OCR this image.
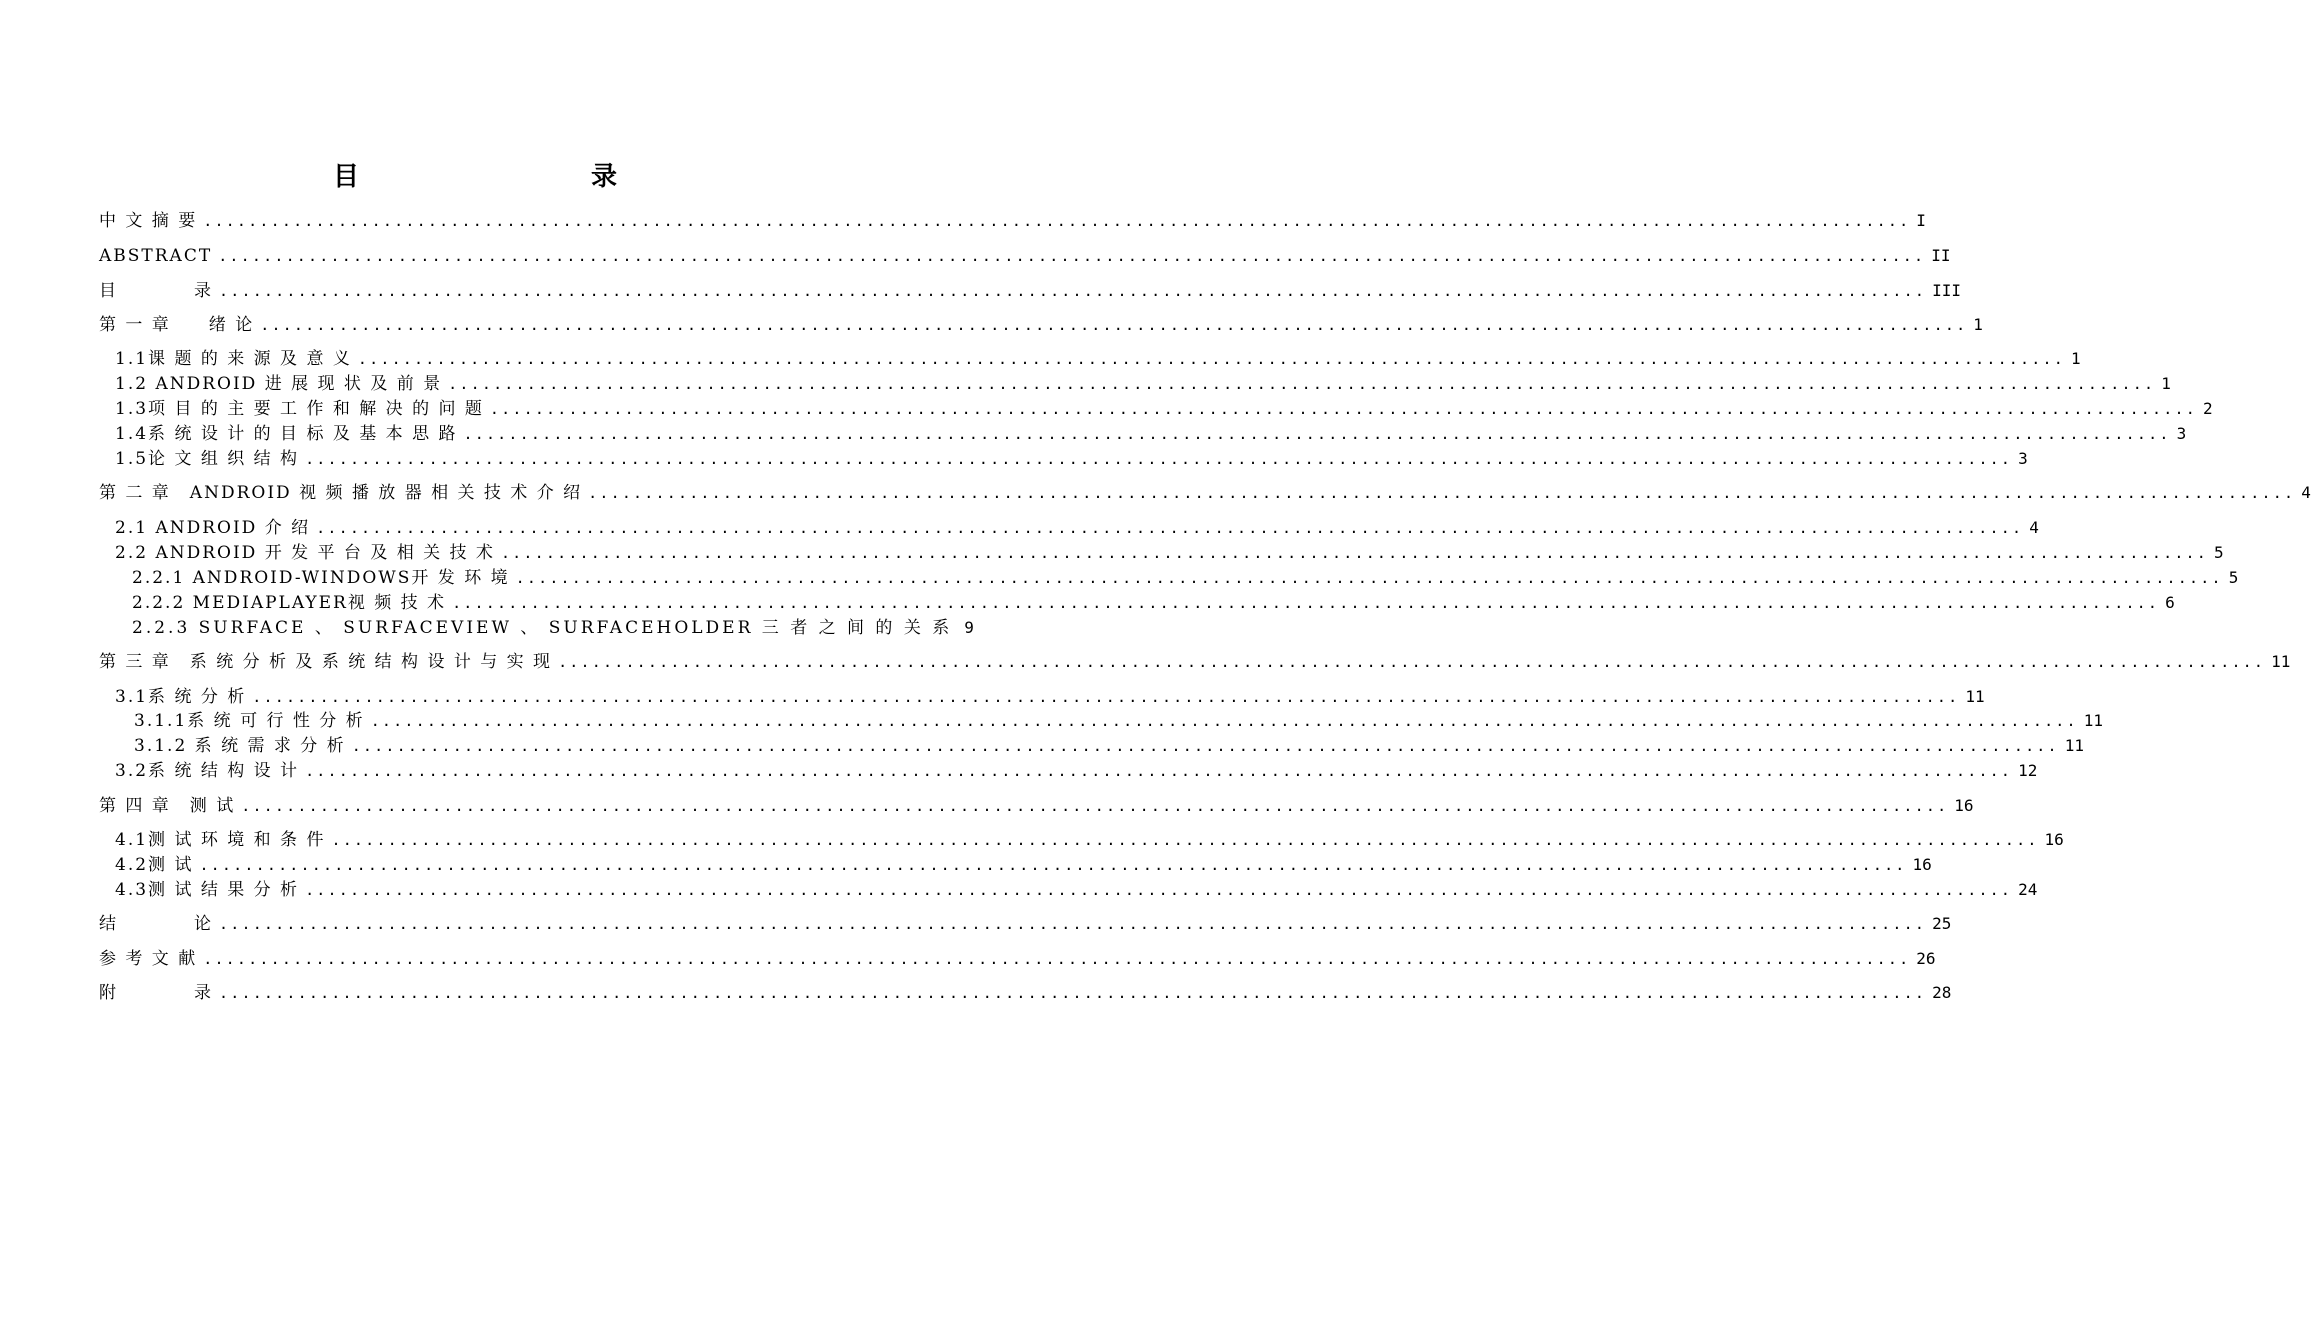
目　　录
中 文 摘 要 .....	I
ABSTRACT .....	II
目　　　　录 .....	III
第 一 章　　绪 论 .....	1
1.1课 题 的 来 源 及 意 义 .....	1
1.2 ANDROID 进 展 现 状 及 前 景 .....	1
1.3项 目 的 主 要 工 作 和 解 决 的 问 题 .....	2
1.4系 统 设 计 的 目 标 及 基 本 思 路 .....	3
1.5论 文 组 织 结 构 .....	3
第 二 章　ANDROID 视 频 播 放 器 相 关 技 术 介 绍 .....	4
2.1 ANDROID 介 绍 .....	4
2.2 ANDROID 开 发 平 台 及 相 关 技 术 .....	5
2.2.1 ANDROID-WINDOWS开 发 环 境 .....	5
2.2.2 MEDIAPLAYER视 频 技 术 .....	6
2.2.3 SURFACE 、 SURFACEVIEW 、 SURFACEHOLDER 三 者 之 间 的 关 系 9
第 三 章　系 统 分 析 及 系 统 结 构 设 计 与 实 现 .....	11
3.1系 统 分 析 .....	11
3.1.1系 统 可 行 性 分 析 .....	11
3.1.2 系 统 需 求 分 析 .....	11
3.2系 统 结 构 设 计 .....	12
第 四 章　测 试 .....	16
4.1测 试 环 境 和 条 件 .....	16
4.2测 试 .....	16
4.3测 试 结 果 分 析 .....	24
结　　　　论 .....	25
参 考 文 献 .....	26
附　　　　录 .....	28
